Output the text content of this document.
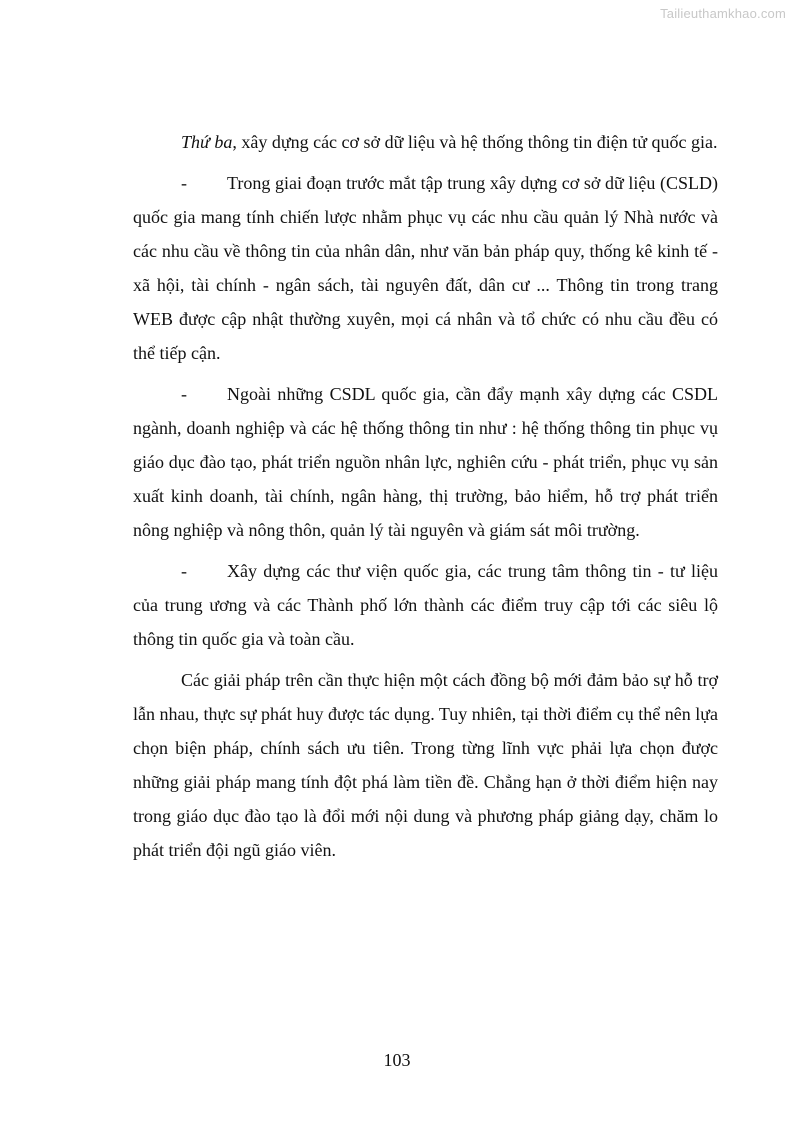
Tailieuthamkhao.com

Thứ ba, xây dựng các cơ sở dữ liệu và hệ thống thông tin điện tử quốc gia.

- Trong giai đoạn trước mắt tập trung xây dựng cơ sở dữ liệu (CSLD) quốc gia mang tính chiến lược nhằm phục vụ các nhu cầu quản lý Nhà nước và các nhu cầu về thông tin của nhân dân, như văn bản pháp quy, thống kê kinh tế - xã hội, tài chính - ngân sách, tài nguyên đất, dân cư ... Thông tin trong trang WEB được cập nhật thường xuyên, mọi cá nhân và tổ chức có nhu cầu đều có thể tiếp cận.

- Ngoài những CSDL quốc gia, cần đẩy mạnh xây dựng các CSDL ngành, doanh nghiệp và các hệ thống thông tin như : hệ thống thông tin phục vụ giáo dục đào tạo, phát triển nguồn nhân lực, nghiên cứu - phát triển, phục vụ sản xuất kinh doanh, tài chính, ngân hàng, thị trường, bảo hiểm, hỗ trợ phát triển nông nghiệp và nông thôn, quản lý tài nguyên và giám sát môi trường.

- Xây dựng các thư viện quốc gia, các trung tâm thông tin - tư liệu của trung ương và các Thành phố lớn thành các điểm truy cập tới các siêu lộ thông tin quốc gia và toàn cầu.

Các giải pháp trên cần thực hiện một cách đồng bộ mới đảm bảo sự hỗ trợ lẫn nhau, thực sự phát huy được tác dụng. Tuy nhiên, tại thời điểm cụ thể nên lựa chọn biện pháp, chính sách ưu tiên. Trong từng lĩnh vực phải lựa chọn được những giải pháp mang tính đột phá làm tiền đề. Chẳng hạn ở thời điểm hiện nay trong giáo dục đào tạo là đổi mới nội dung và phương pháp giảng dạy, chăm lo phát triển đội ngũ giáo viên.

103
